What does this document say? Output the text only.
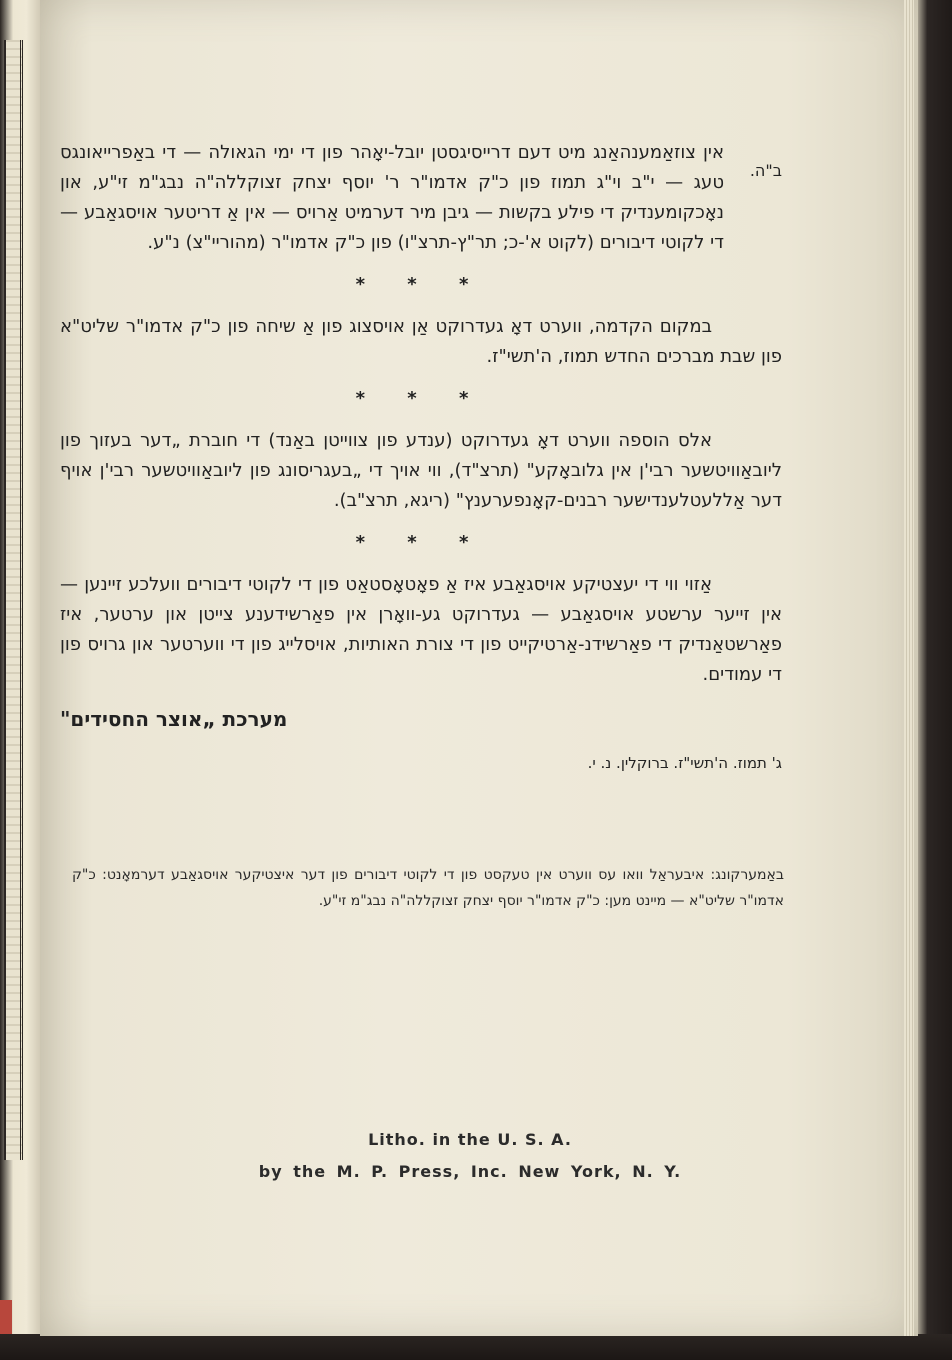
ב"ה.

אין צוזאַמענהאַנג מיט דעם דרייסיגסטן יובל-יאָהר פון די ימי הגאולה — די באַפרייאונגס טעג — י"ב וי"ג תמוז פון כ"ק אדמו"ר ר' יוסף יצחק זצוקללה"ה נבג"מ זי"ע, און נאָכקומענדיק די פילע בקשות — גיבן מיר דערמיט אַרויס — אין אַ דריטער אויסגאַבע — די לקוטי דיבורים (לקוט א'-כ; תר"ץ-תרצ"ו) פון כ"ק אדמו"ר (מהוריי"צ) נ"ע.

* * *

במקום הקדמה, ווערט דאָ געדרוקט אַן אויסצוג פון אַ שיחה פון כ"ק אדמו"ר שליט"א פון שבת מברכים החדש תמוז, ה'תשי"ז.

* * *

אלס הוספה ווערט דאָ געדרוקט (ענדע פון צווייטן באַנד) די חוברת „דער בעזוך פון ליובאַוויטשער רבי'ן אין גלובאָקע" (תרצ"ד), ווי אויך די „בעגריסונג פון ליובאַוויטשער רבי'ן אויף דער אַללעטלענדישער רבנים-קאָנפערענץ" (ריגא, תרצ"ב).

* * *

אַזוי ווי די יעצטיקע אויסגאַבע איז אַ פאָטאָסטאַט פון די לקוטי דיבורים וועלכע זיינען — אין זייער ערשטע אויסגאַבע — געדרוקט גע-וואָרן אין פאַרשידענע צייטן און ערטער, איז פאַרשטאַנדיק די פאַרשידנ-אַרטיקייט פון די צורת האותיות, אויסלייג פון די ווערטער און גרויס פון די עמודים.

מערכת „אוצר החסידים"
ג' תמוז. ה'תשי"ז. ברוקלין. נ. י.
באַמערקונג: איבעראַל וואו עס ווערט אין טעקסט פון די לקוטי דיבורים פון דער איצטיקער אויסגאַבע דערמאָנט: כ"ק אדמו"ר שליט"א — מיינט מען: כ"ק אדמו"ר יוסף יצחק זצוקללה"ה נבג"מ זי"ע.
Litho. in the U. S. A.
by the M. P. Press, Inc. New York, N. Y.
